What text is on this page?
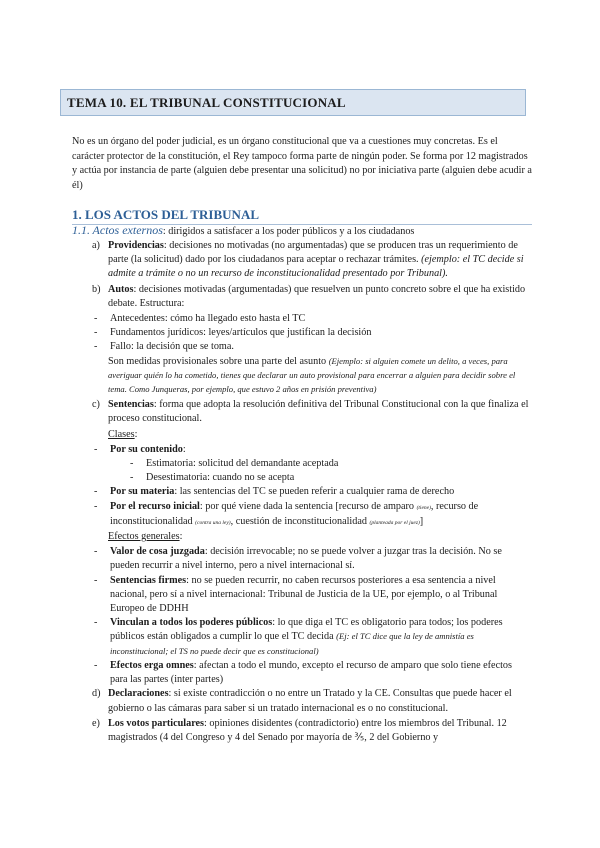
TEMA 10. EL TRIBUNAL CONSTITUCIONAL
No es un órgano del poder judicial, es un órgano constitucional que va a cuestiones muy concretas. Es el carácter protector de la constitución, el Rey tampoco forma parte de ningún poder. Se forma por 12 magistrados y actúa por instancia de parte (alguien debe presentar una solicitud) no por iniciativa parte (alguien debe acudir a él)
1. LOS ACTOS DEL TRIBUNAL
1.1. Actos externos: dirigidos a satisfacer a los poder públicos y a los ciudadanos
a) Providencias: decisiones no motivadas (no argumentadas) que se producen tras un requerimiento de parte (la solicitud) dado por los ciudadanos para aceptar o rechazar trámites. (ejemplo: el TC decide si admite a trámite o no un recurso de inconstitucionalidad presentado por Tribunal).
b) Autos: decisiones motivadas (argumentadas) que resuelven un punto concreto sobre el que ha existido debate. Estructura:
- Antecedentes: cómo ha llegado esto hasta el TC
- Fundamentos jurídicos: leyes/artículos que justifican la decisión
- Fallo: la decisión que se toma.
Son medidas provisionales sobre una parte del asunto (Ejemplo: si alguien comete un delito, a veces, para averiguar quién lo ha cometido, tienes que declarar un auto provisional para encerrar a alguien para decidir sobre el tema. Como Junqueras, por ejemplo, que estuvo 2 años en prisión preventiva)
c) Sentencias: forma que adopta la resolución definitiva del Tribunal Constitucional con la que finaliza el proceso constitucional.
Clases:
- Por su contenido:
- Estimatoria: solicitud del demandante aceptada
- Desestimatoria: cuando no se acepta
- Por su materia: las sentencias del TC se pueden referir a cualquier rama de derecho
- Por el recurso inicial: por qué viene dada la sentencia [recurso de amparo (tiene), recurso de inconstitucionalidad (contra una ley), cuestión de inconstitucionalidad (planteada por el juez)]
Efectos generales:
- Valor de cosa juzgada: decisión irrevocable; no se puede volver a juzgar tras la decisión. No se pueden recurrir a nivel interno, pero a nivel internacional sí.
- Sentencias firmes: no se pueden recurrir, no caben recursos posteriores a esa sentencia a nivel nacional, pero sí a nivel internacional: Tribunal de Justicia de la UE, por ejemplo, o al Tribunal Europeo de DDHH
- Vinculan a todos los poderes públicos: lo que diga el TC es obligatorio para todos; los poderes públicos están obligados a cumplir lo que el TC decida (Ej: el TC dice que la ley de amnistía es inconstitucional; el TS no puede decir que es constitucional)
- Efectos erga omnes: afectan a todo el mundo, excepto el recurso de amparo que solo tiene efectos para las partes (inter partes)
d) Declaraciones: si existe contradicción o no entre un Tratado y la CE. Consultas que puede hacer el gobierno o las cámaras para saber si un tratado internacional es o no constitucional.
e) Los votos particulares: opiniones disidentes (contradictorio) entre los miembros del Tribunal. 12 magistrados (4 del Congreso y 4 del Senado por mayoría de ⅗, 2 del Gobierno y
